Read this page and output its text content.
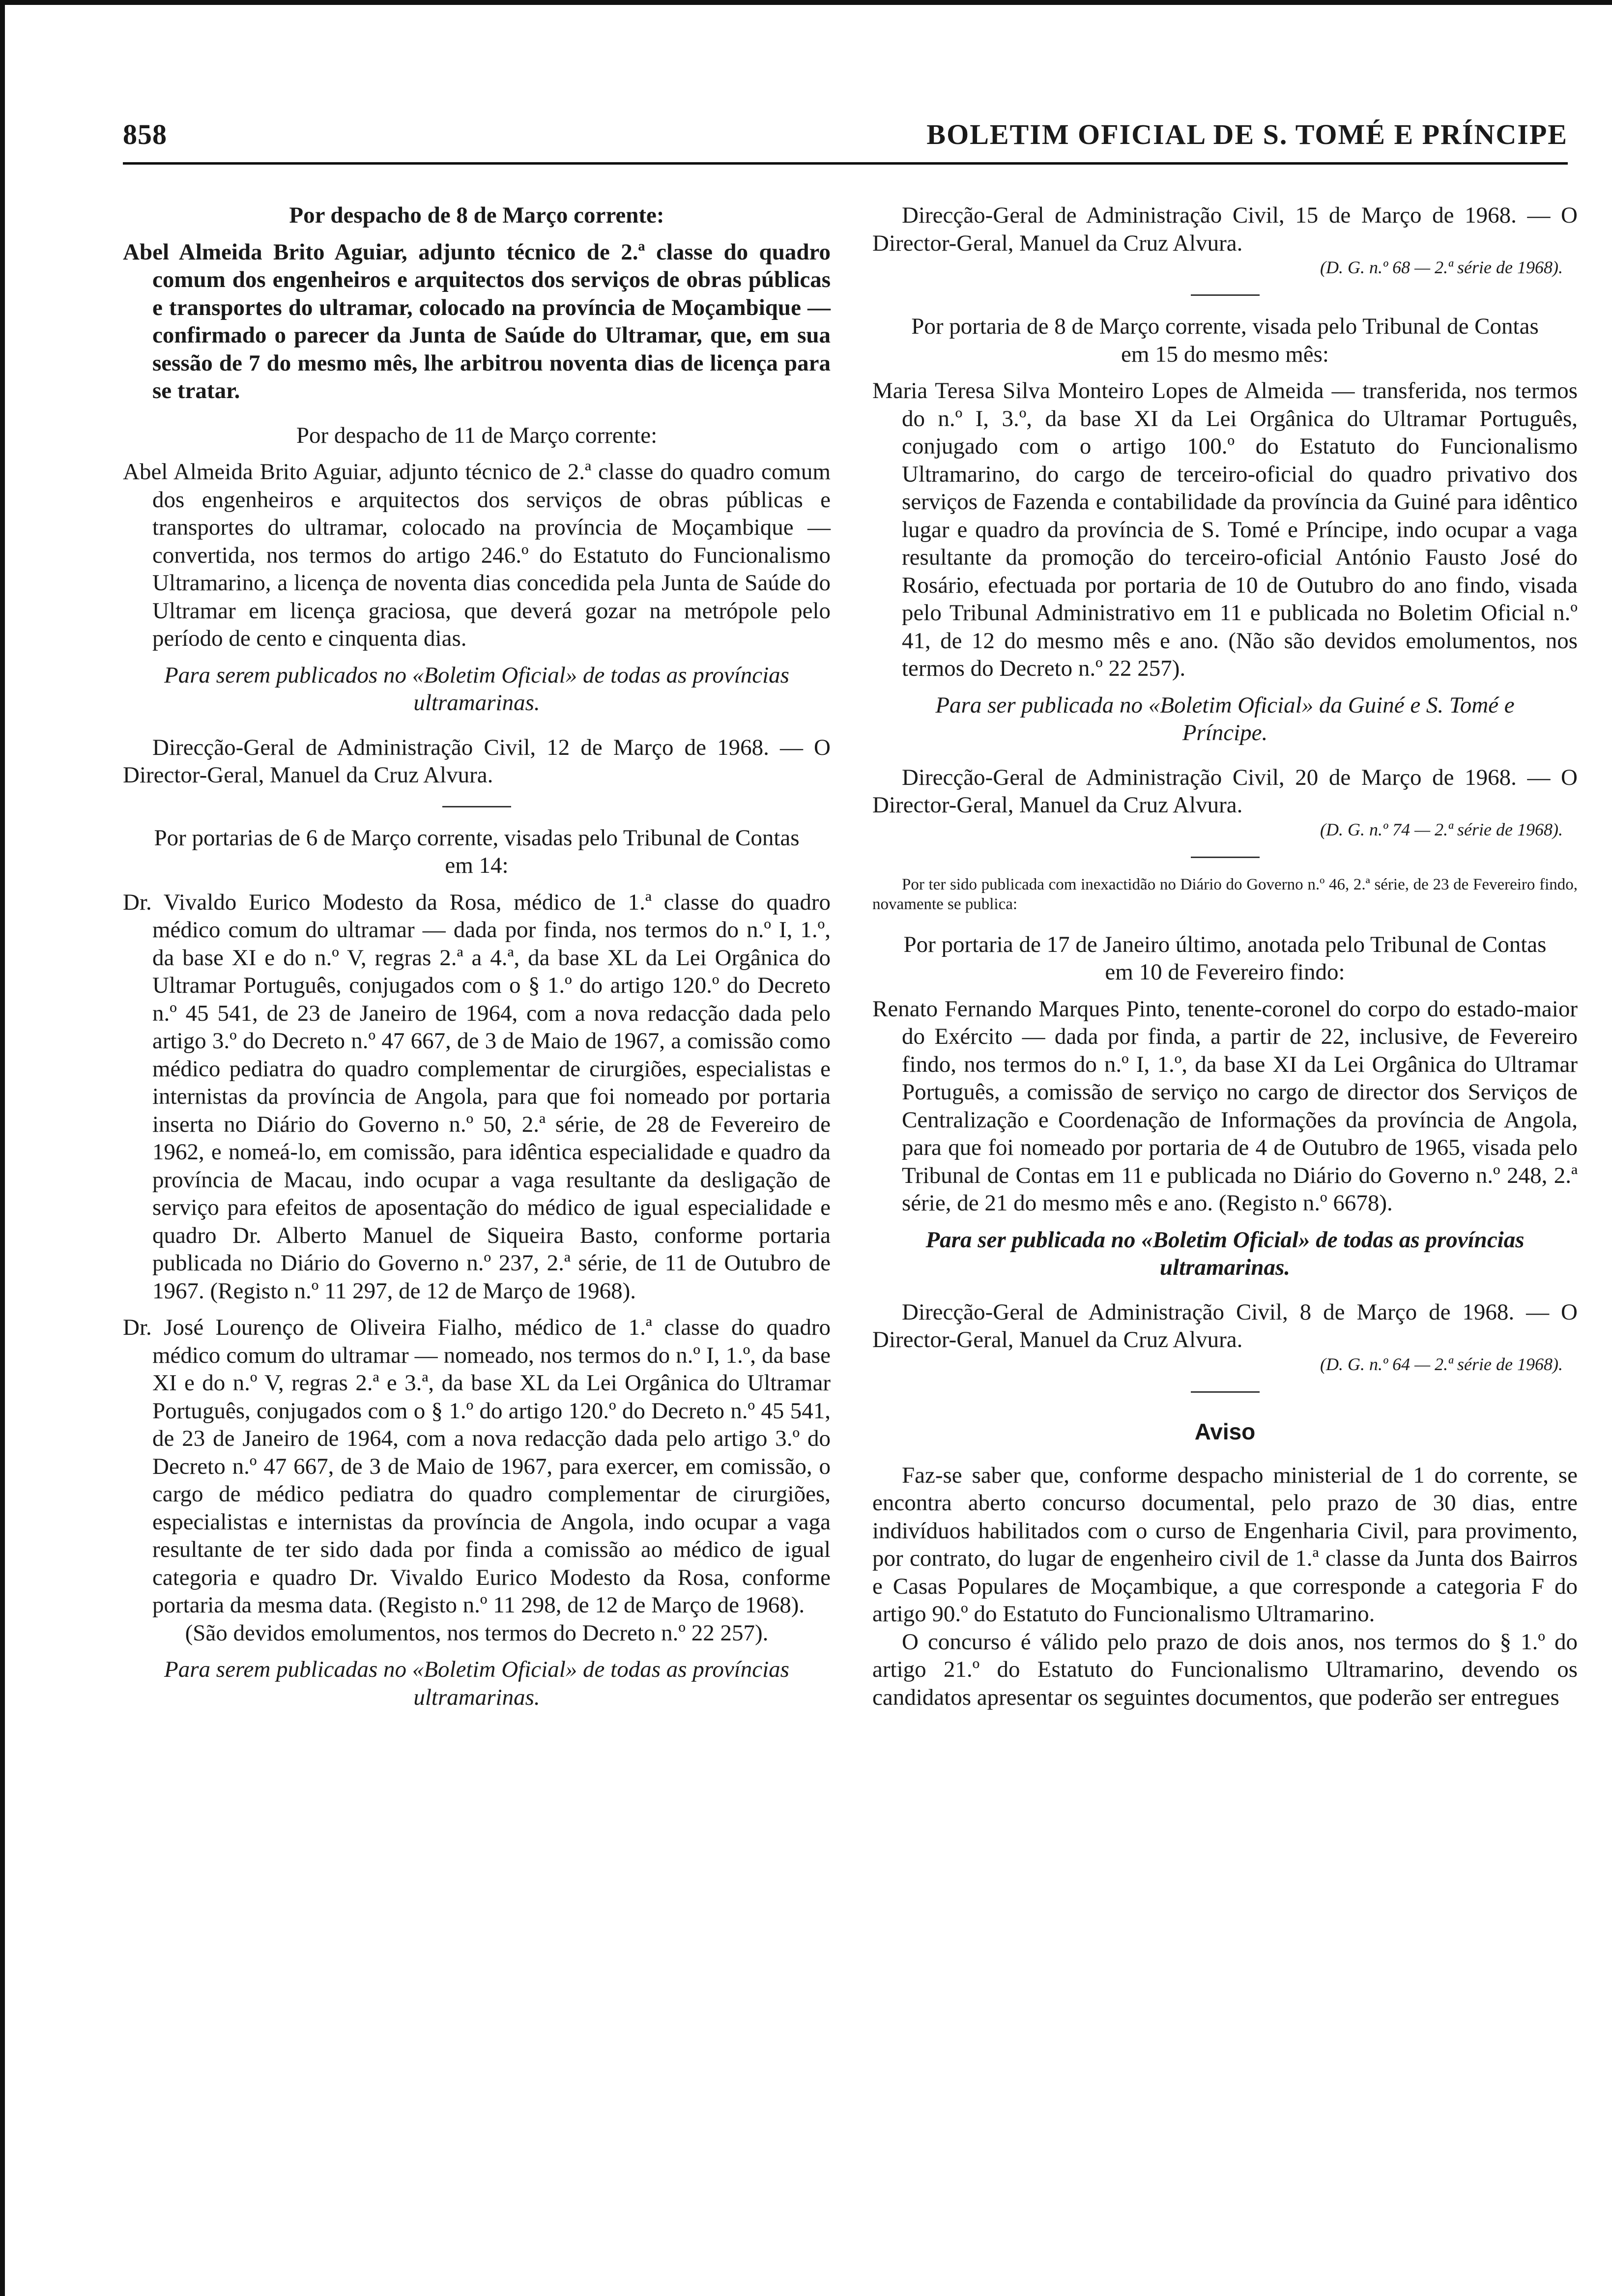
858	BOLETIM OFICIAL DE S. TOMÉ E PRÍNCIPE

Por despacho de 8 de Março corrente:

Abel Almeida Brito Aguiar, adjunto técnico de 2.ª classe do quadro comum dos engenheiros e arquitectos dos serviços de obras públicas e transportes do ultramar, colocado na província de Moçambique — confirmado o parecer da Junta de Saúde do Ultramar, que, em sua sessão de 7 do mesmo mês, lhe arbitrou noventa dias de licença para se tratar.

Por despacho de 11 de Março corrente:

Abel Almeida Brito Aguiar, adjunto técnico de 2.ª classe do quadro comum dos engenheiros e arquitectos dos serviços de obras públicas e transportes do ultramar, colocado na província de Moçambique — convertida, nos termos do artigo 246.º do Estatuto do Funcionalismo Ultramarino, a licença de noventa dias concedida pela Junta de Saúde do Ultramar em licença graciosa, que deverá gozar na metrópole pelo período de cento e cinquenta dias.

Para serem publicados no «Boletim Oficial» de todas as províncias ultramarinas.

Direcção-Geral de Administração Civil, 12 de Março de 1968. — O Director-Geral, Manuel da Cruz Alvura.

Por portarias de 6 de Março corrente, visadas pelo Tribunal de Contas em 14:

Dr. Vivaldo Eurico Modesto da Rosa, médico de 1.ª classe do quadro médico comum do ultramar — dada por finda, nos termos do n.º I, 1.º, da base XI e do n.º V, regras 2.ª a 4.ª, da base XL da Lei Orgânica do Ultramar Português, conjugados com o § 1.º do artigo 120.º do Decreto n.º 45 541, de 23 de Janeiro de 1964, com a nova redacção dada pelo artigo 3.º do Decreto n.º 47 667, de 3 de Maio de 1967, a comissão como médico pediatra do quadro complementar de cirurgiões, especialistas e internistas da província de Angola, para que foi nomeado por portaria inserta no Diário do Governo n.º 50, 2.ª série, de 28 de Fevereiro de 1962, e nomeá-lo, em comissão, para idêntica especialidade e quadro da província de Macau, indo ocupar a vaga resultante da desligação de serviço para efeitos de aposentação do médico de igual especialidade e quadro Dr. Alberto Manuel de Siqueira Basto, conforme portaria publicada no Diário do Governo n.º 237, 2.ª série, de 11 de Outubro de 1967. (Registo n.º 11 297, de 12 de Março de 1968).

Dr. José Lourenço de Oliveira Fialho, médico de 1.ª classe do quadro médico comum do ultramar — nomeado, nos termos do n.º I, 1.º, da base XI e do n.º V, regras 2.ª e 3.ª, da base XL da Lei Orgânica do Ultramar Português, conjugados com o § 1.º do artigo 120.º do Decreto n.º 45 541, de 23 de Janeiro de 1964, com a nova redacção dada pelo artigo 3.º do Decreto n.º 47 667, de 3 de Maio de 1967, para exercer, em comissão, o cargo de médico pediatra do quadro complementar de cirurgiões, especialistas e internistas da província de Angola, indo ocupar a vaga resultante de ter sido dada por finda a comissão ao médico de igual categoria e quadro Dr. Vivaldo Eurico Modesto da Rosa, conforme portaria da mesma data. (Registo n.º 11 298, de 12 de Março de 1968).

(São devidos emolumentos, nos termos do Decreto n.º 22 257).

Para serem publicadas no «Boletim Oficial» de todas as províncias ultramarinas.

Direcção-Geral de Administração Civil, 15 de Março de 1968. — O Director-Geral, Manuel da Cruz Alvura.

(D. G. n.º 68 — 2.ª série de 1968).

Por portaria de 8 de Março corrente, visada pelo Tribunal de Contas em 15 do mesmo mês:

Maria Teresa Silva Monteiro Lopes de Almeida — transferida, nos termos do n.º I, 3.º, da base XI da Lei Orgânica do Ultramar Português, conjugado com o artigo 100.º do Estatuto do Funcionalismo Ultramarino, do cargo de terceiro-oficial do quadro privativo dos serviços de Fazenda e contabilidade da província da Guiné para idêntico lugar e quadro da província de S. Tomé e Príncipe, indo ocupar a vaga resultante da promoção do terceiro-oficial António Fausto José do Rosário, efectuada por portaria de 10 de Outubro do ano findo, visada pelo Tribunal Administrativo em 11 e publicada no Boletim Oficial n.º 41, de 12 do mesmo mês e ano. (Não são devidos emolumentos, nos termos do Decreto n.º 22 257).

Para ser publicada no «Boletim Oficial» da Guiné e S. Tomé e Príncipe.

Direcção-Geral de Administração Civil, 20 de Março de 1968. — O Director-Geral, Manuel da Cruz Alvura.

(D. G. n.º 74 — 2.ª série de 1968).

Por ter sido publicada com inexactidão no Diário do Governo n.º 46, 2.ª série, de 23 de Fevereiro findo, novamente se publica:

Por portaria de 17 de Janeiro último, anotada pelo Tribunal de Contas em 10 de Fevereiro findo:

Renato Fernando Marques Pinto, tenente-coronel do corpo do estado-maior do Exército — dada por finda, a partir de 22, inclusive, de Fevereiro findo, nos termos do n.º I, 1.º, da base XI da Lei Orgânica do Ultramar Português, a comissão de serviço no cargo de director dos Serviços de Centralização e Coordenação de Informações da província de Angola, para que foi nomeado por portaria de 4 de Outubro de 1965, visada pelo Tribunal de Contas em 11 e publicada no Diário do Governo n.º 248, 2.ª série, de 21 do mesmo mês e ano. (Registo n.º 6678).

Para ser publicada no «Boletim Oficial» de todas as províncias ultramarinas.

Direcção-Geral de Administração Civil, 8 de Março de 1968. — O Director-Geral, Manuel da Cruz Alvura.

(D. G. n.º 64 — 2.ª série de 1968).

Aviso

Faz-se saber que, conforme despacho ministerial de 1 do corrente, se encontra aberto concurso documental, pelo prazo de 30 dias, entre indivíduos habilitados com o curso de Engenharia Civil, para provimento, por contrato, do lugar de engenheiro civil de 1.ª classe da Junta dos Bairros e Casas Populares de Moçambique, a que corresponde a categoria F do artigo 90.º do Estatuto do Funcionalismo Ultramarino.

O concurso é válido pelo prazo de dois anos, nos termos do § 1.º do artigo 21.º do Estatuto do Funcionalismo Ultramarino, devendo os candidatos apresentar os seguintes documentos, que poderão ser entregues
